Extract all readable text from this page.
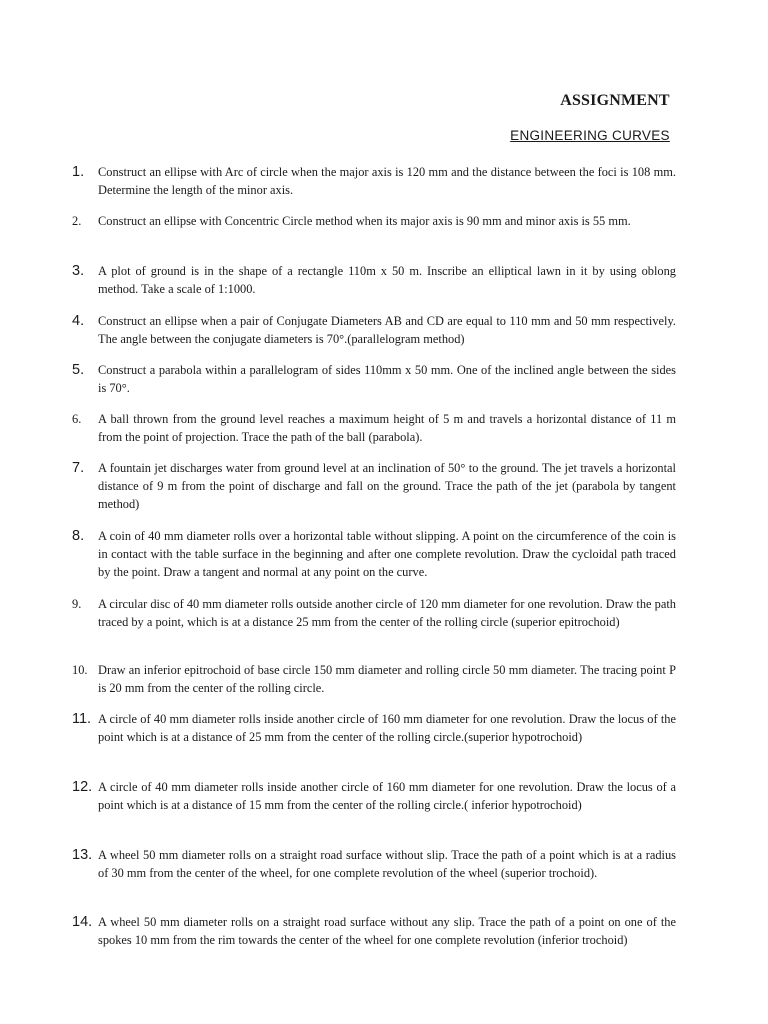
ASSIGNMENT
ENGINEERING CURVES
1.	Construct an ellipse with Arc of circle when the major axis is 120 mm and the distance between the foci is 108 mm. Determine the length of the minor axis.
2.	Construct an ellipse with Concentric Circle method when its major axis is 90 mm and minor axis is 55 mm.
3.	A plot of ground is in the shape of a rectangle 110m x 50 m. Inscribe an elliptical lawn in it by using oblong method. Take a scale of 1:1000.
4.	Construct an ellipse when a pair of Conjugate Diameters AB and CD are equal to 110 mm and 50 mm respectively. The angle between the conjugate diameters is 70°.(parallelogram method)
5.	Construct a parabola within a parallelogram of sides 110mm x 50 mm. One of the inclined angle between the sides is 70°.
6.	A ball thrown from the ground level reaches a maximum height of 5 m and travels a horizontal distance of 11 m from the point of projection. Trace the path of the ball (parabola).
7.	A fountain jet discharges water from ground level at an inclination of 50° to the ground. The jet travels a horizontal distance of 9 m from the point of discharge and fall on the ground. Trace the path of the jet (parabola by tangent method)
8.	A coin of 40 mm diameter rolls over a horizontal table without slipping. A point on the circumference of the coin is in contact with the table surface in the beginning and after one complete revolution. Draw the cycloidal path traced by the point. Draw a tangent and normal at any point on the curve.
9.	A circular disc of 40 mm diameter rolls outside another circle of 120 mm diameter for one revolution. Draw the path traced by a point, which is at a distance 25 mm from the center of the rolling circle (superior epitrochoid)
10. Draw an inferior epitrochoid of base circle 150 mm diameter and rolling circle 50 mm diameter. The tracing point P is 20 mm from the center of the rolling circle.
11. A circle of 40 mm diameter rolls inside another circle of 160 mm diameter for one revolution. Draw the locus of the point which is at a distance of 25 mm from the center of the rolling circle.(superior hypotrochoid)
12. A circle of 40 mm diameter rolls inside another circle of 160 mm diameter for one revolution. Draw the locus of a point which is at a distance of 15 mm from the center of the rolling circle.( inferior hypotrochoid)
13. A wheel 50 mm diameter rolls on a straight road surface without slip. Trace the path of a point which is at a radius of 30 mm from the center of the wheel, for one complete revolution of the wheel (superior trochoid).
14. A wheel 50 mm diameter rolls on a straight road surface without any slip. Trace the path of a point on one of the spokes 10 mm from the rim towards the center of the wheel for one complete revolution (inferior trochoid)
